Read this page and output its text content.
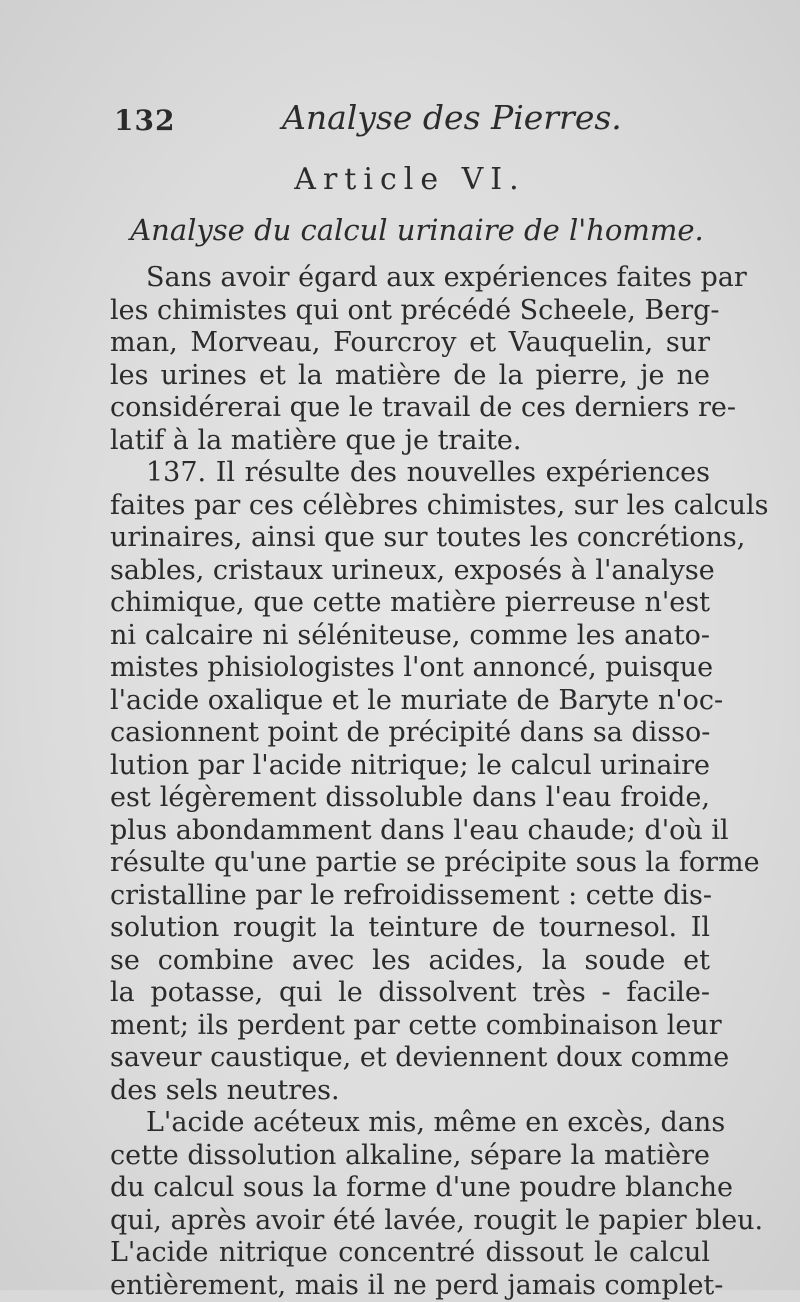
132	Analyse des Pierres.
Article VI.
Analyse du calcul urinaire de l'homme.
Sans avoir égard aux expériences faites par
les chimistes qui ont précédé Scheele, Berg-
man, Morveau, Fourcroy et Vauquelin, sur
les urines et la matière de la pierre, je ne
considérerai que le travail de ces derniers re-
latif à la matière que je traite.
137. Il résulte des nouvelles expériences
faites par ces célèbres chimistes, sur les calculs
urinaires, ainsi que sur toutes les concrétions,
sables, cristaux urineux, exposés à l'analyse
chimique, que cette matière pierreuse n'est
ni calcaire ni séléniteuse, comme les anato-
mistes phisiologistes l'ont annoncé, puisque
l'acide oxalique et le muriate de Baryte n'oc-
casionnent point de précipité dans sa disso-
lution par l'acide nitrique; le calcul urinaire
est légèrement dissoluble dans l'eau froide,
plus abondamment dans l'eau chaude; d'où il
résulte qu'une partie se précipite sous la forme
cristalline par le refroidissement : cette dis-
solution rougit la teinture de tournesol. Il
se combine avec les acides, la soude et
la potasse, qui le dissolvent très - facile-
ment; ils perdent par cette combinaison leur
saveur caustique, et deviennent doux comme
des sels neutres.
L'acide acéteux mis, même en excès, dans
cette dissolution alkaline, sépare la matière
du calcul sous la forme d'une poudre blanche
qui, après avoir été lavée, rougit le papier bleu.
L'acide nitrique concentré dissout le calcul
entièrement, mais il ne perd jamais complet-
